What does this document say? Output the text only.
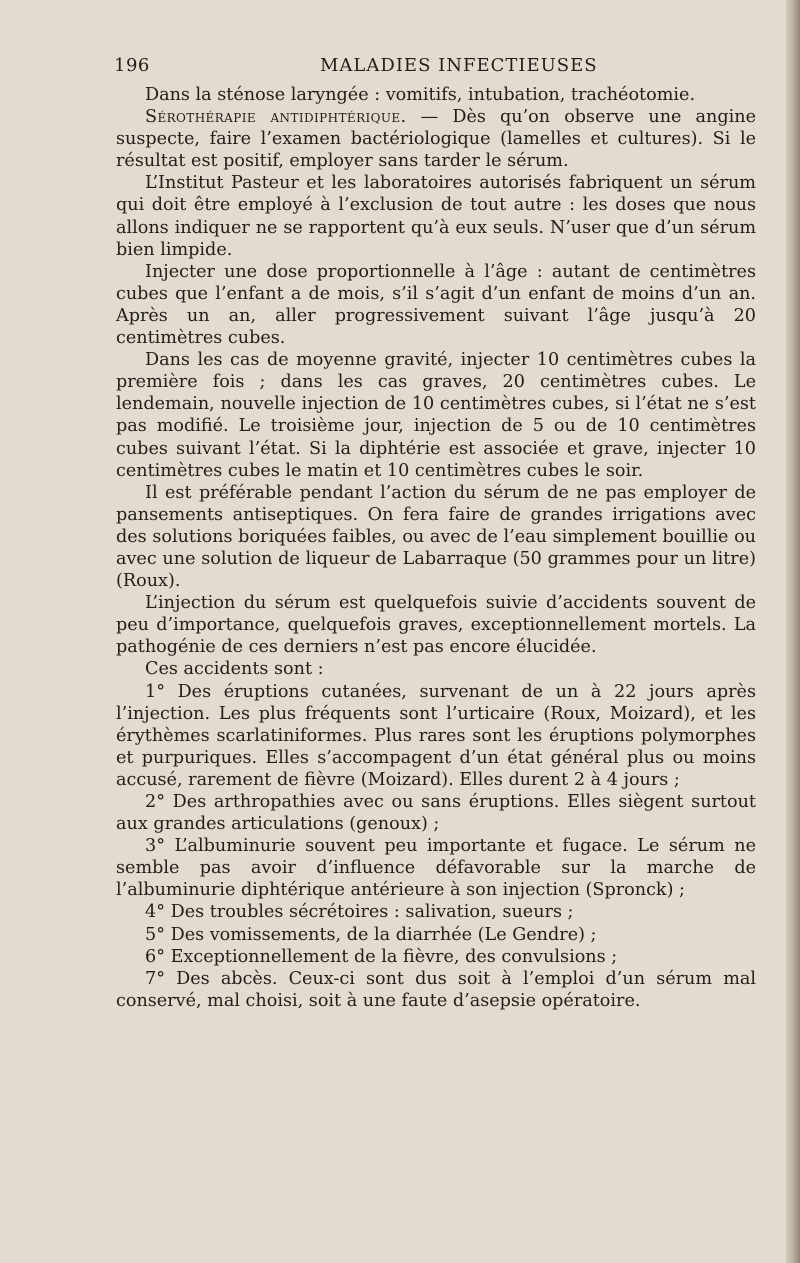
196	MALADIES INFECTIEUSES

Dans la sténose laryngée : vomitifs, intubation, trachéotomie.

Sérothérapie antidiphtérique. — Dès qu’on observe une angine suspecte, faire l’examen bactériologique (lamelles et cultures). Si le résultat est positif, employer sans tarder le sérum.

L’Institut Pasteur et les laboratoires autorisés fabriquent un sérum qui doit être employé à l’exclusion de tout autre : les doses que nous allons indiquer ne se rapportent qu’à eux seuls. N’user que d’un sérum bien limpide.

Injecter une dose proportionnelle à l’âge : autant de centimètres cubes que l’enfant a de mois, s’il s’agit d’un enfant de moins d’un an. Après un an, aller progressivement suivant l’âge jusqu’à 20 centimètres cubes.

Dans les cas de moyenne gravité, injecter 10 centimètres cubes la première fois ; dans les cas graves, 20 centimètres cubes. Le lendemain, nouvelle injection de 10 centimètres cubes, si l’état ne s’est pas modifié. Le troisième jour, injection de 5 ou de 10 centimètres cubes suivant l’état. Si la diphtérie est associée et grave, injecter 10 centimètres cubes le matin et 10 centimètres cubes le soir.

Il est préférable pendant l’action du sérum de ne pas employer de pansements antiseptiques. On fera faire de grandes irrigations avec des solutions boriquées faibles, ou avec de l’eau simplement bouillie ou avec une solution de liqueur de Labarraque (50 grammes pour un litre) (Roux).

L’injection du sérum est quelquefois suivie d’accidents souvent de peu d’importance, quelquefois graves, exceptionnellement mortels. La pathogénie de ces derniers n’est pas encore élucidée.

Ces accidents sont :

1° Des éruptions cutanées, survenant de un à 22 jours après l’injection. Les plus fréquents sont l’urticaire (Roux, Moizard), et les érythèmes scarlatiniformes. Plus rares sont les éruptions polymorphes et purpuriques. Elles s’accompagent d’un état général plus ou moins accusé, rarement de fièvre (Moizard). Elles durent 2 à 4 jours ;

2° Des arthropathies avec ou sans éruptions. Elles siègent surtout aux grandes articulations (genoux) ;

3° L’albuminurie souvent peu importante et fugace. Le sérum ne semble pas avoir d’influence défavorable sur la marche de l’albuminurie diphtérique antérieure à son injection (Spronck) ;

4° Des troubles sécrétoires : salivation, sueurs ;

5° Des vomissements, de la diarrhée (Le Gendre) ;

6° Exceptionnellement de la fièvre, des convulsions ;

7° Des abcès. Ceux-ci sont dus soit à l’emploi d’un sérum mal conservé, mal choisi, soit à une faute d’asepsie opératoire.
